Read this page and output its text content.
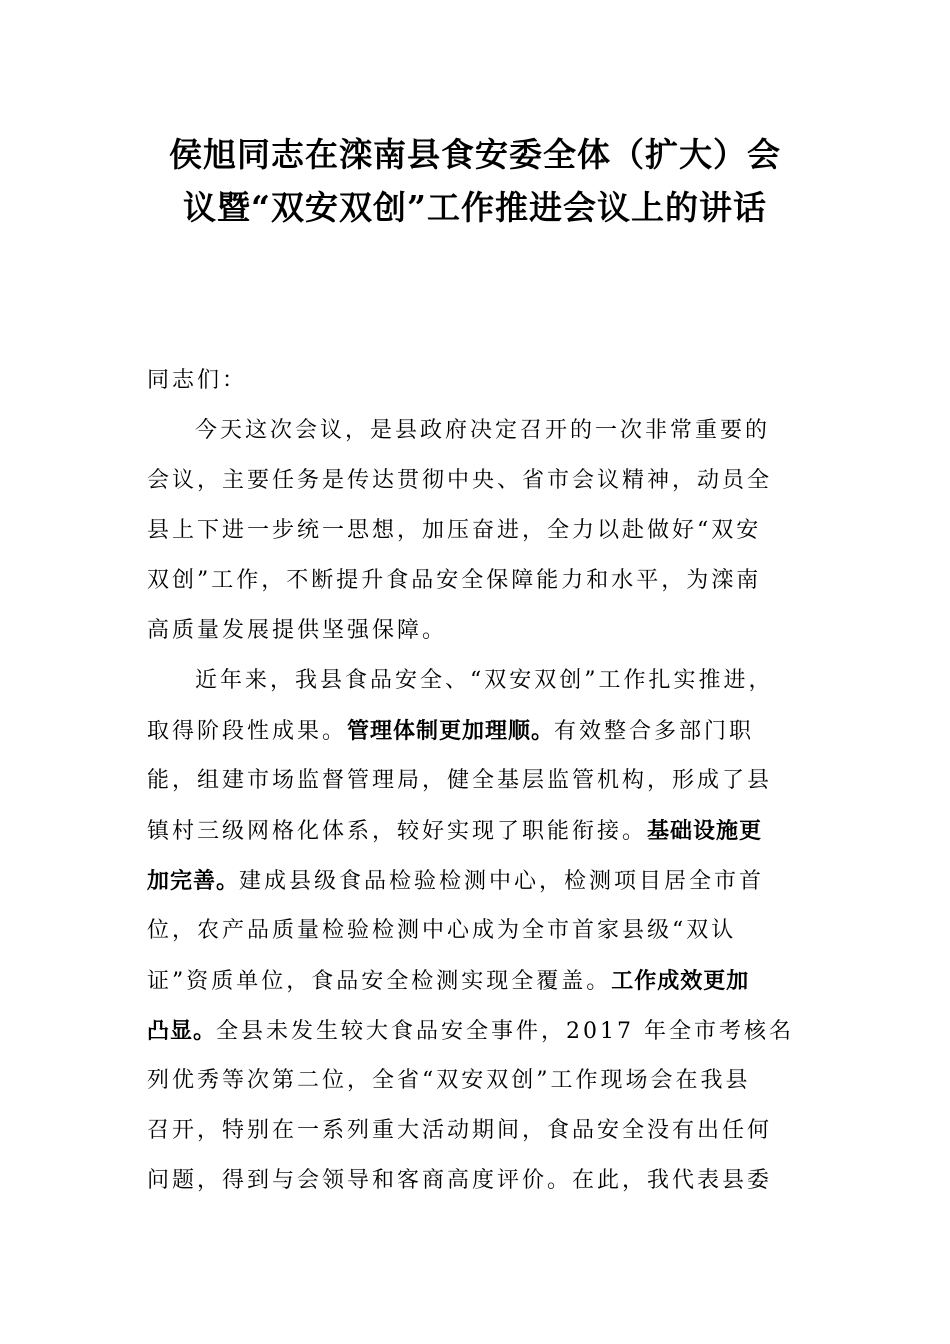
侯旭同志在滦南县食安委全体（扩大）会
议暨“双安双创”工作推进会议上的讲话
同志们：
今天这次会议，是县政府决定召开的一次非常重要的
会议，主要任务是传达贯彻中央、省市会议精神，动员全
县上下进一步统一思想，加压奋进，全力以赴做好“双安
双创”工作，不断提升食品安全保障能力和水平，为滦南
高质量发展提供坚强保障。
近年来，我县食品安全、“双安双创”工作扎实推进，
取得阶段性成果。管理体制更加理顺。有效整合多部门职
能，组建市场监督管理局，健全基层监管机构，形成了县
镇村三级网格化体系，较好实现了职能衔接。基础设施更
加完善。建成县级食品检验检测中心，检测项目居全市首
位，农产品质量检验检测中心成为全市首家县级“双认
证”资质单位，食品安全检测实现全覆盖。工作成效更加
凸显。全县未发生较大食品安全事件，2017 年全市考核名
列优秀等次第二位，全省“双安双创”工作现场会在我县
召开，特别在一系列重大活动期间，食品安全没有出任何
问题，得到与会领导和客商高度评价。在此，我代表县委
